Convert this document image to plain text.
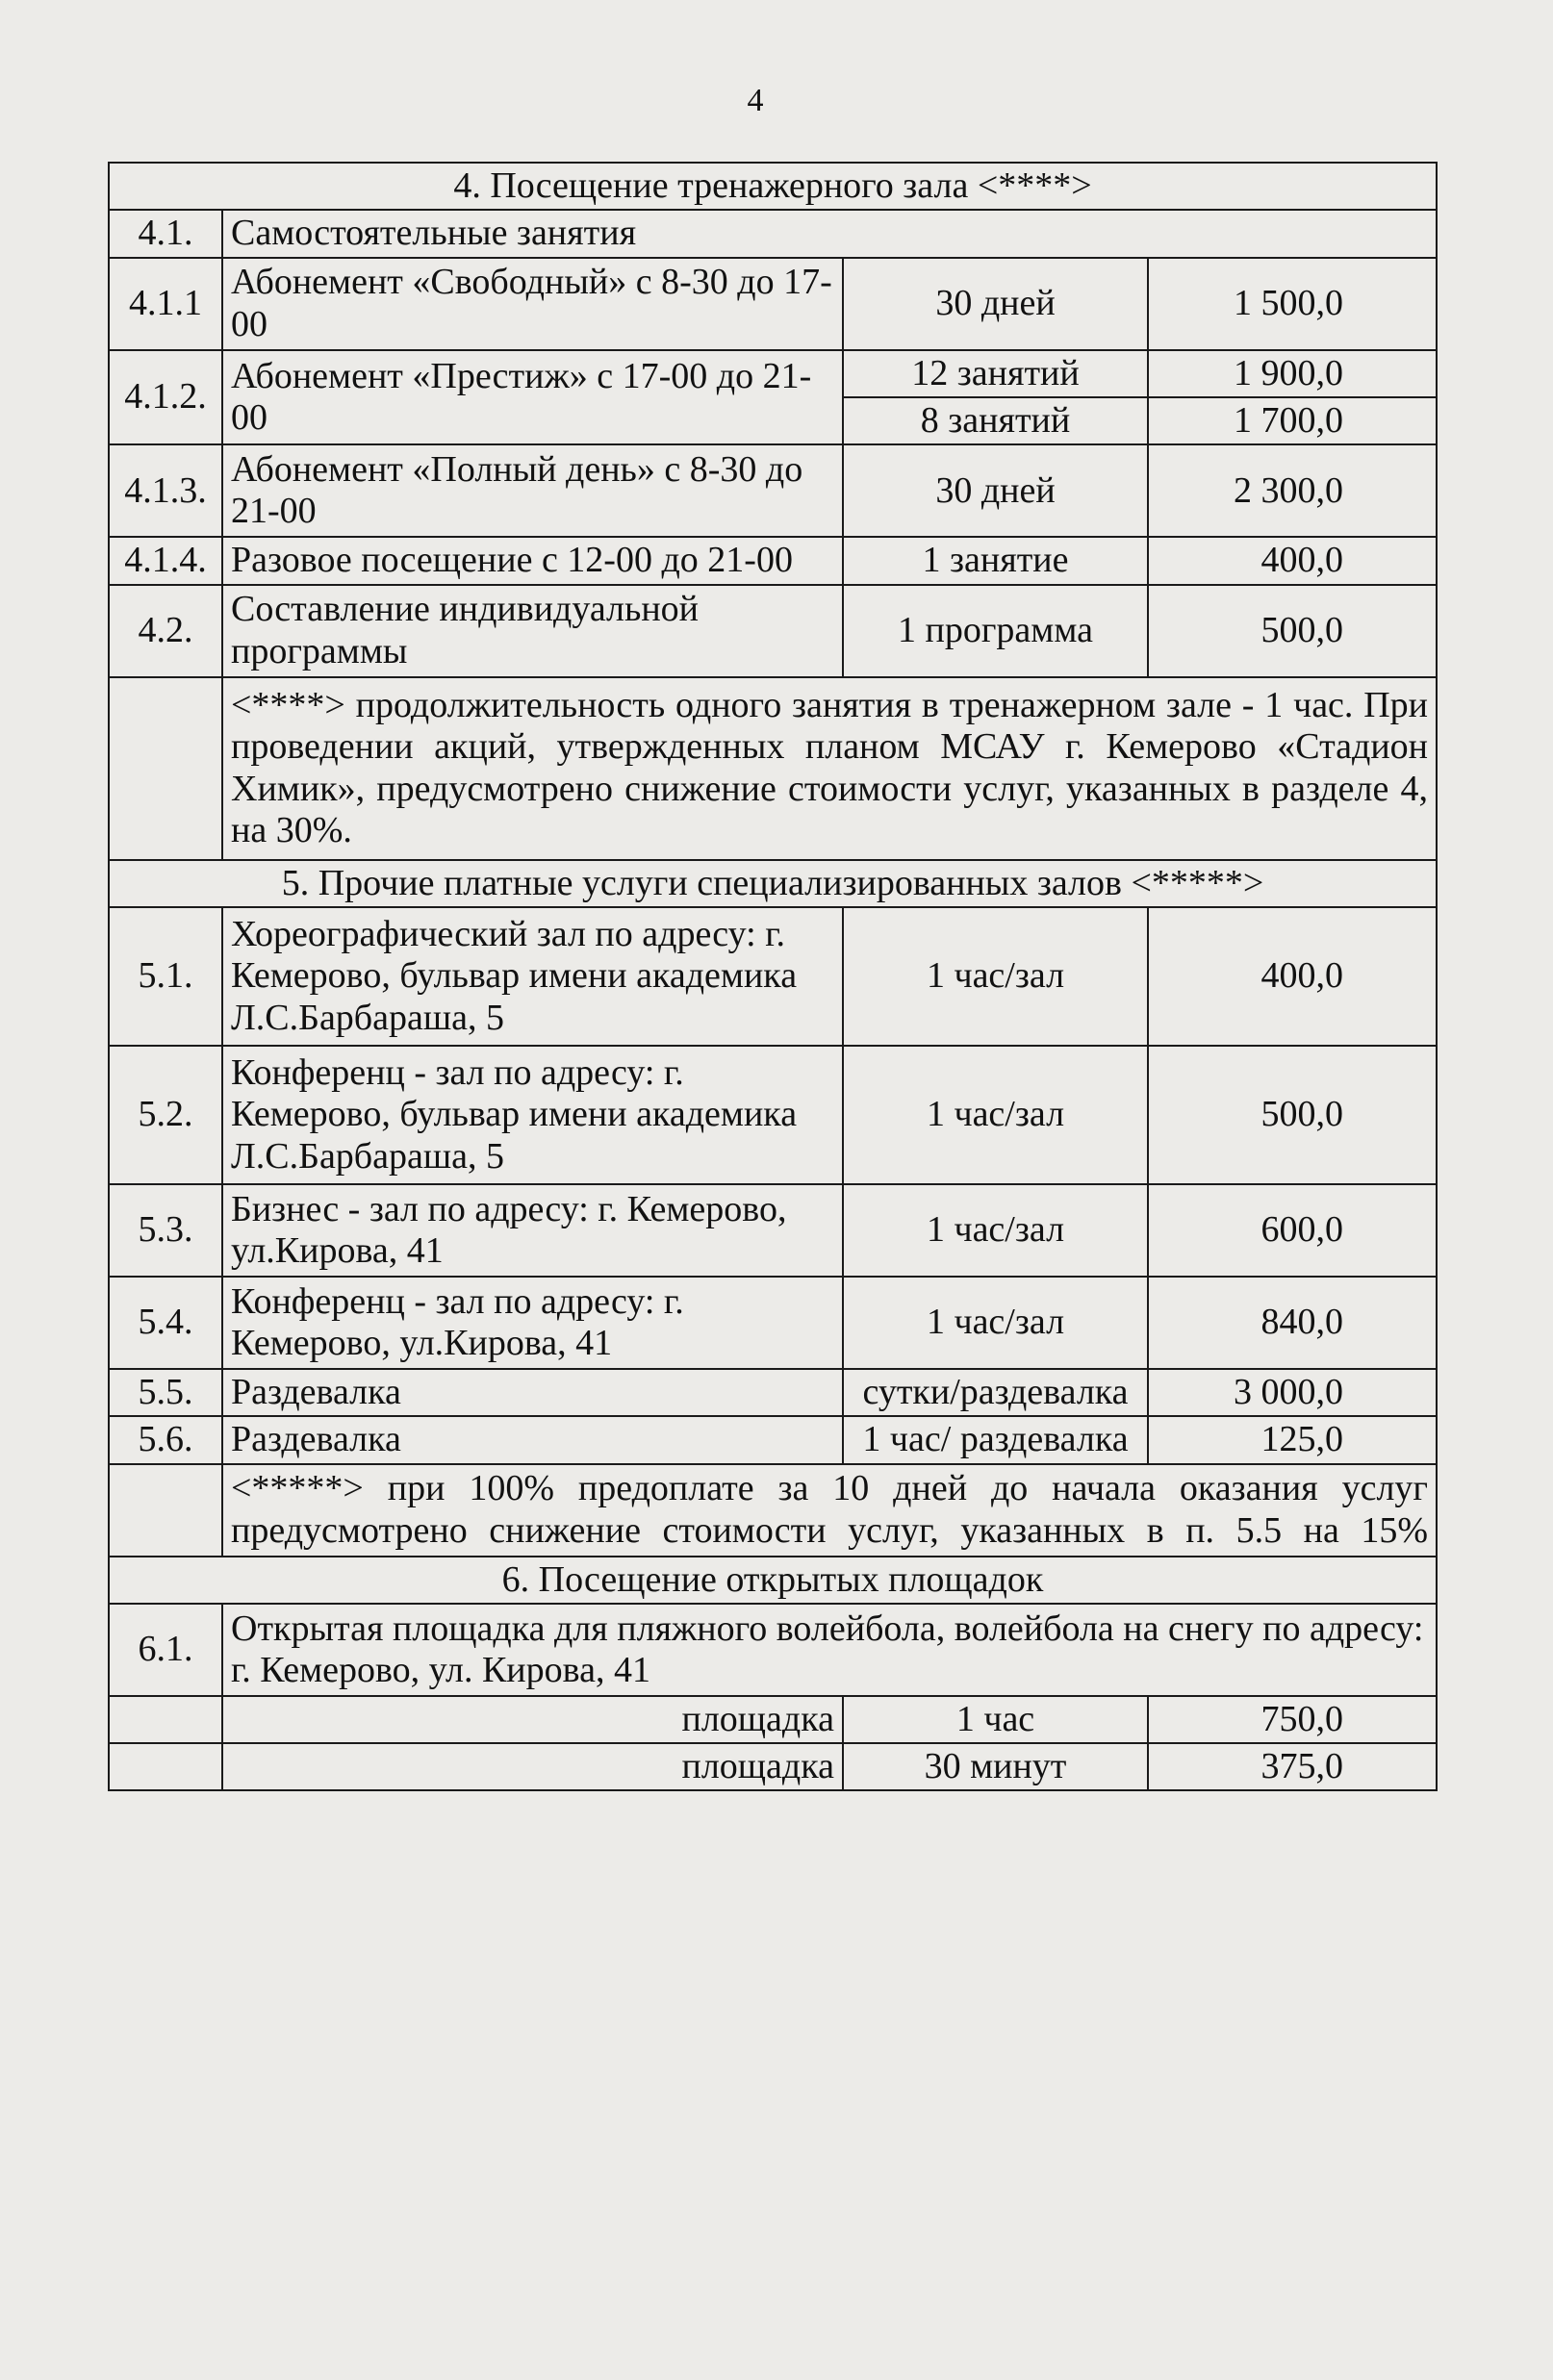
4
4. Посещение тренажерного зала <****>			
4.1.	Самостоятельные занятия		
4.1.1	Абонемент «Свободный» с 8-30 до 17-00	30 дней	1 500,0
4.1.2.	Абонемент «Престиж» с 17-00 до 21-00	12 занятий	1 900,0
		8 занятий	1 700,0
4.1.3.	Абонемент «Полный день» с 8-30 до 21-00	30 дней	2 300,0
4.1.4.	Разовое посещение с 12-00 до 21-00	1 занятие	400,0
4.2.	Составление индивидуальной программы	1 программа	500,0
	<****> продолжительность одного занятия в тренажерном зале - 1 час. При проведении акций, утвержденных планом МСАУ г. Кемерово «Стадион Химик», предусмотрено снижение стоимости услуг, указанных в разделе 4, на 30%.		
5. Прочие платные услуги специализированных залов <*****>			
5.1.	Хореографический зал по адресу: г. Кемерово, бульвар имени академика Л.С.Барбараша, 5	1 час/зал	400,0
5.2.	Конференц - зал по адресу: г. Кемерово, бульвар имени академика Л.С.Барбараша, 5	1 час/зал	500,0
5.3.	Бизнес - зал по адресу: г. Кемерово, ул.Кирова, 41	1 час/зал	600,0
5.4.	Конференц - зал по адресу: г. Кемерово, ул.Кирова, 41	1 час/зал	840,0
5.5.	Раздевалка	сутки/раздевалка	3 000,0
5.6.	Раздевалка	1 час/ раздевалка	125,0
	<*****> при 100% предоплате за 10 дней до начала оказания услуг предусмотрено снижение стоимости услуг, указанных в п. 5.5 на 15%		
6. Посещение открытых площадок			
6.1.	Открытая площадка для пляжного волейбола, волейбола на снегу по адресу: г. Кемерово, ул. Кирова, 41		
	площадка	1 час	750,0
	площадка	30 минут	375,0
